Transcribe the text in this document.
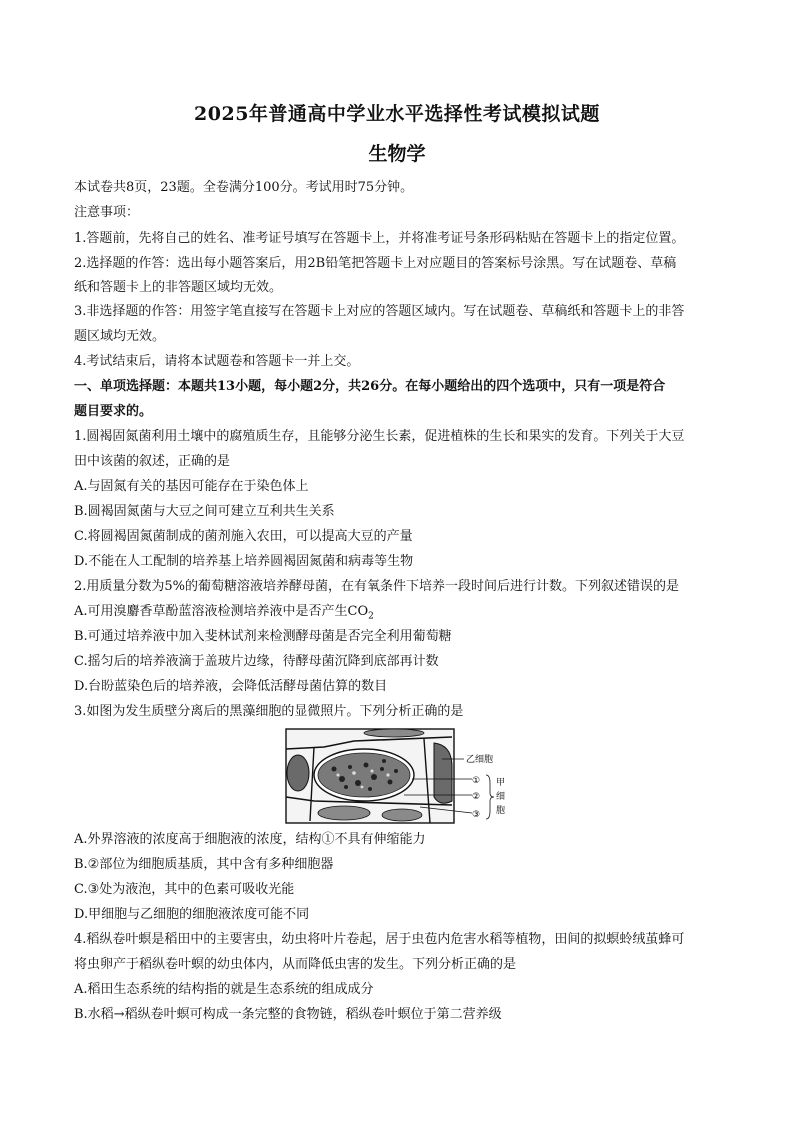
2025年普通高中学业水平选择性考试模拟试题
生物学
本试卷共8页，23题。全卷满分100分。考试用时75分钟。
注意事项：
1.答题前，先将自己的姓名、准考证号填写在答题卡上，并将准考证号条形码粘贴在答题卡上的指定位置。
2.选择题的作答：选出每小题答案后，用2B铅笔把答题卡上对应题目的答案标号涂黑。写在试题卷、草稿
纸和答题卡上的非答题区域均无效。
3.非选择题的作答：用签字笔直接写在答题卡上对应的答题区域内。写在试题卷、草稿纸和答题卡上的非答
题区域均无效。
4.考试结束后，请将本试题卷和答题卡一并上交。
一、单项选择题：本题共13小题，每小题2分，共26分。在每小题给出的四个选项中，只有一项是符合
题目要求的。
1.圆褐固氮菌利用土壤中的腐殖质生存，且能够分泌生长素，促进植株的生长和果实的发育。下列关于大豆
田中该菌的叙述，正确的是
A.与固氮有关的基因可能存在于染色体上
B.圆褐固氮菌与大豆之间可建立互利共生关系
C.将圆褐固氮菌制成的菌剂施入农田，可以提高大豆的产量
D.不能在人工配制的培养基上培养圆褐固氮菌和病毒等生物
2.用质量分数为5%的葡萄糖溶液培养酵母菌，在有氧条件下培养一段时间后进行计数。下列叙述错误的是
A.可用溴麝香草酚蓝溶液检测培养液中是否产生$CO_2$
B.可通过培养液中加入斐林试剂来检测酵母菌是否完全利用葡萄糖
C.摇匀后的培养液滴于盖玻片边缘，待酵母菌沉降到底部再计数
D.台盼蓝染色后的培养液，会降低活酵母菌估算的数目
3.如图为发生质壁分离后的黑藻细胞的显微照片。下列分析正确的是
乙细胞
①
②
③
甲
细
胞
A.外界溶液的浓度高于细胞液的浓度，结构①不具有伸缩能力
B.②部位为细胞质基质，其中含有多种细胞器
C.③处为液泡，其中的色素可吸收光能
D.甲细胞与乙细胞的细胞液浓度可能不同
4.稻纵卷叶螟是稻田中的主要害虫，幼虫将叶片卷起，居于虫苞内危害水稻等植物，田间的拟螟蛉绒茧蜂可
将虫卵产于稻纵卷叶螟的幼虫体内，从而降低虫害的发生。下列分析正确的是
A.稻田生态系统的结构指的就是生态系统的组成成分
B.水稻→稻纵卷叶螟可构成一条完整的食物链，稻纵卷叶螟位于第二营养级
